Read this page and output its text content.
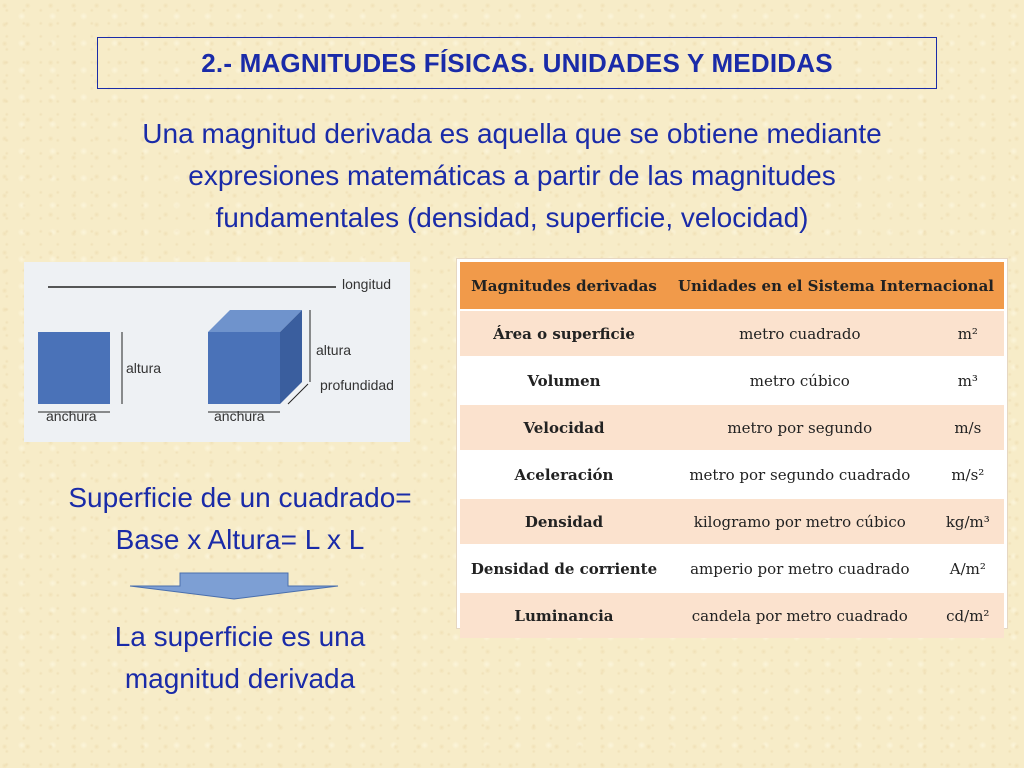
2.- MAGNITUDES FÍSICAS. UNIDADES Y MEDIDAS
Una magnitud derivada es aquella que se obtiene mediante
expresiones matemáticas a partir de las magnitudes
fundamentales (densidad, superficie, velocidad)
longitud
altura
anchura
altura
profundidad
anchura
Superficie de un cuadrado=
Base x Altura= L x L
La superficie es una
magnitud derivada
Magnitudes derivadas	Unidades en el Sistema Internacional	
Área o superficie	metro cuadrado	m²
Volumen	metro cúbico	m³
Velocidad	metro por segundo	m/s
Aceleración	metro por segundo cuadrado	m/s²
Densidad	kilogramo por metro cúbico	kg/m³
Densidad de corriente	amperio por metro cuadrado	A/m²
Luminancia	candela por metro cuadrado	cd/m²
